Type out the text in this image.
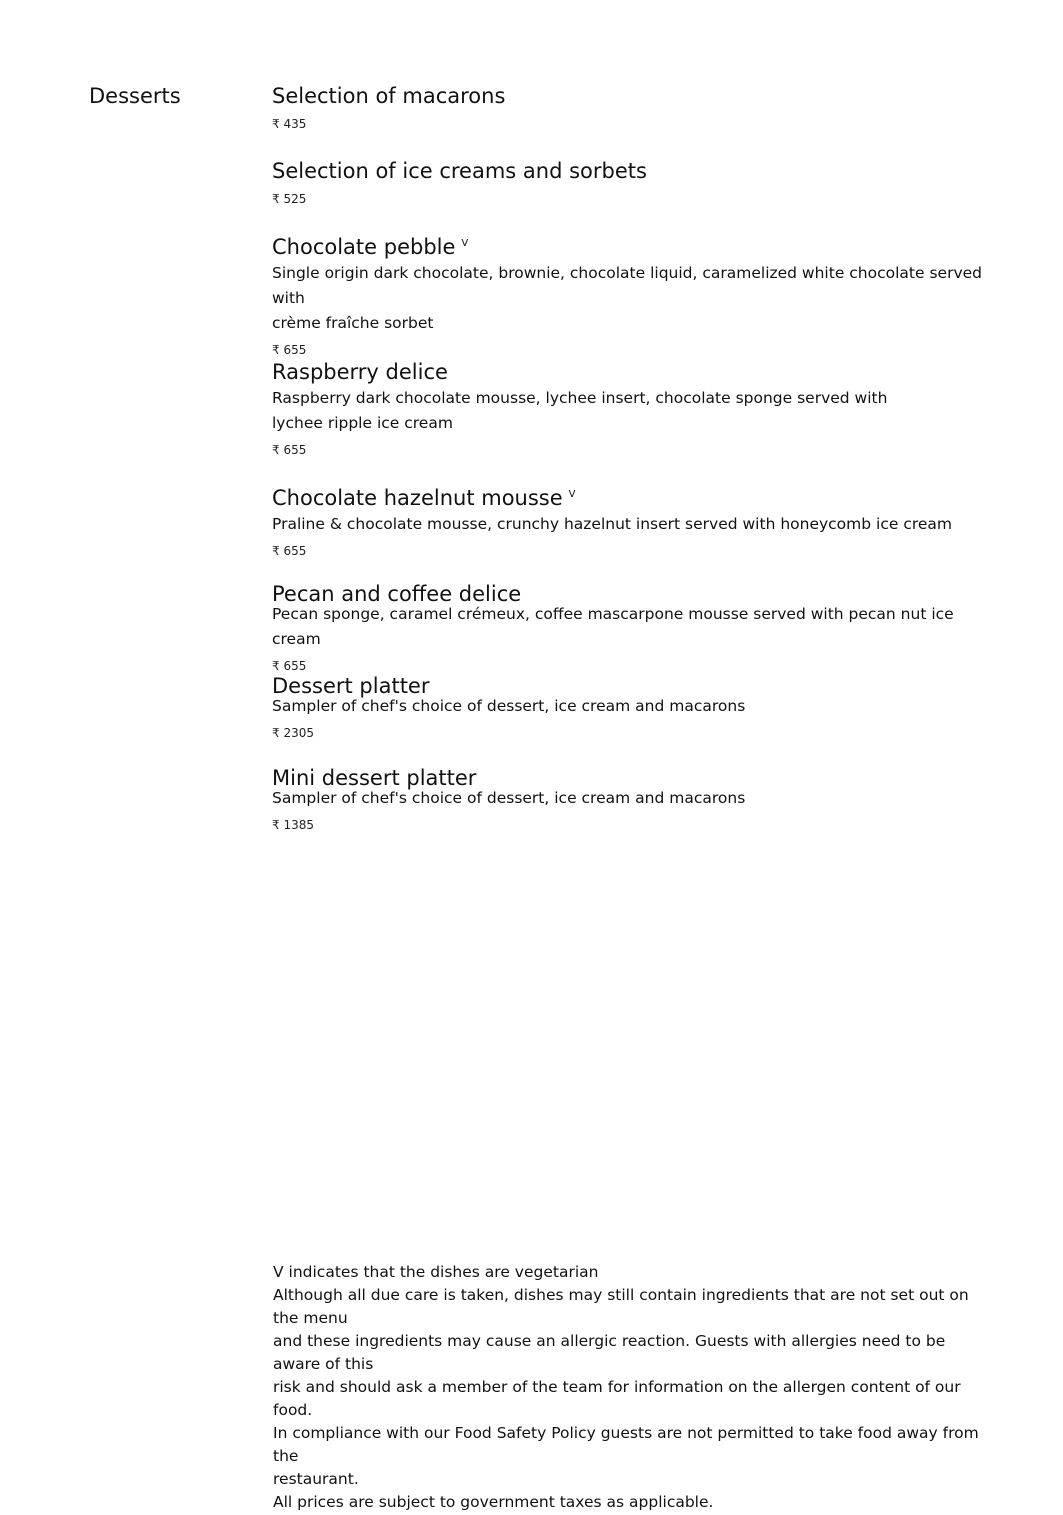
Desserts	Selection of macarons

₹ 435

Selection of ice creams and sorbets

₹ 525

Chocolate pebble $^V$

Single origin dark chocolate, brownie, chocolate liquid, caramelized white chocolate served with
crème fraîche sorbet

₹ 655

Raspberry delice

Raspberry dark chocolate mousse, lychee insert, chocolate sponge served with
lychee ripple ice cream

₹ 655

Chocolate hazelnut mousse $^V$

Praline & chocolate mousse, crunchy hazelnut insert served with honeycomb ice cream

₹ 655

Pecan and coffee delice

Pecan sponge, caramel crémeux, coffee mascarpone mousse served with pecan nut ice cream

₹ 655

Dessert platter

Sampler of chef's choice of dessert, ice cream and macarons

₹ 2305

Mini dessert platter

Sampler of chef's choice of dessert, ice cream and macarons

₹ 1385

V indicates that the dishes are vegetarian

Although all due care is taken, dishes may still contain ingredients that are not set out on the menu
and these ingredients may cause an allergic reaction. Guests with allergies need to be aware of this
risk and should ask a member of the team for information on the allergen content of our food.

In compliance with our Food Safety Policy guests are not permitted to take food away from the
restaurant.

All prices are subject to government taxes as applicable.
